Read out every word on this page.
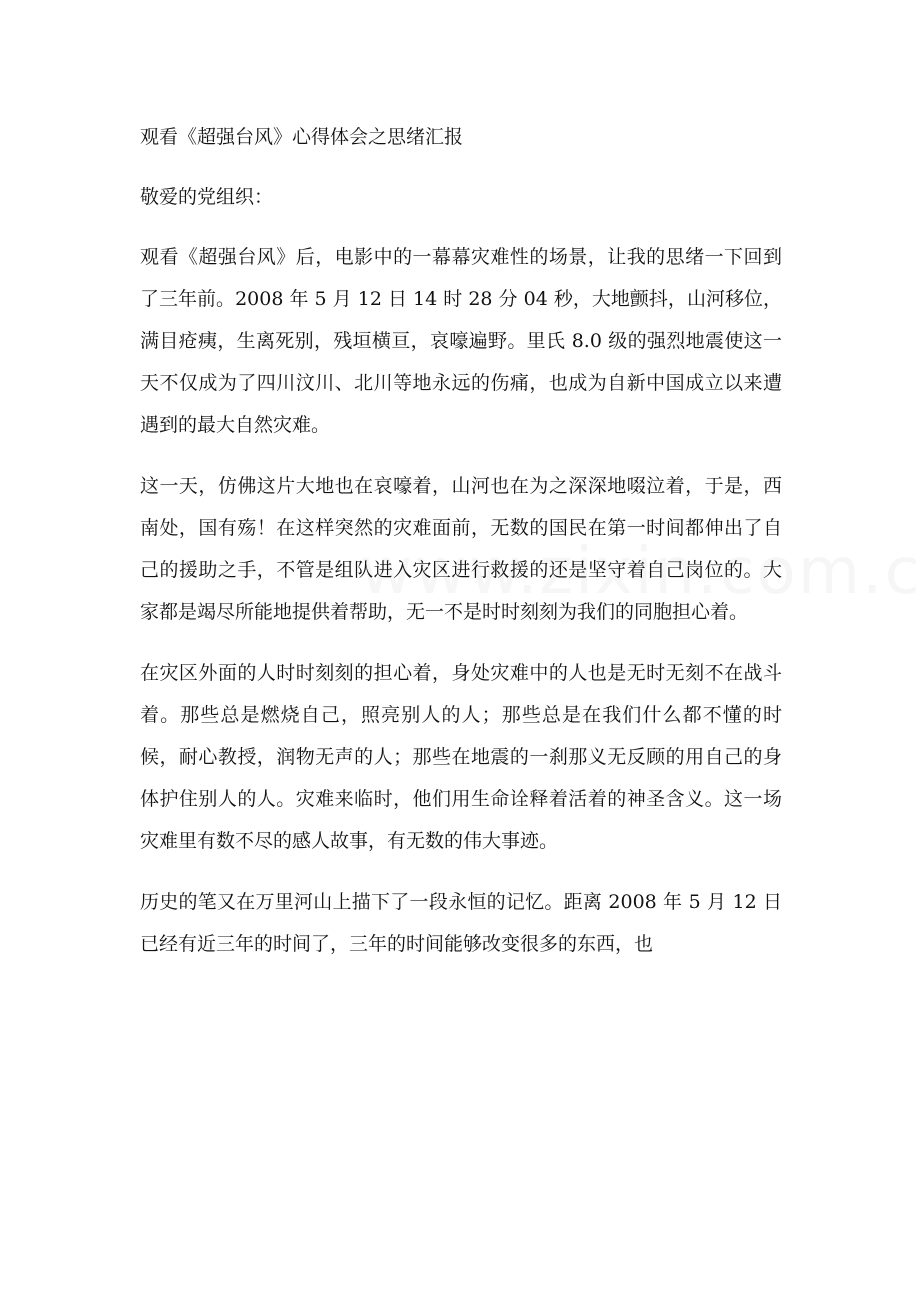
观看《超强台风》心得体会之思绪汇报
敬爱的党组织：
观看《超强台风》后，电影中的一幕幕灾难性的场景，让我的思绪一下回到了三年前。2008 年 5 月 12 日 14 时 28 分 04 秒，大地颤抖，山河移位，满目疮痍，生离死别，残垣横亘，哀嚎遍野。里氏 8.0 级的强烈地震使这一天不仅成为了四川汶川、北川等地永远的伤痛，也成为自新中国成立以来遭遇到的最大自然灾难。
这一天，仿佛这片大地也在哀嚎着，山河也在为之深深地啜泣着，于是，西南处，国有殇！在这样突然的灾难面前，无数的国民在第一时间都伸出了自己的援助之手，不管是组队进入灾区进行救援的还是坚守着自己岗位的。大家都是竭尽所能地提供着帮助，无一不是时时刻刻为我们的同胞担心着。
在灾区外面的人时时刻刻的担心着，身处灾难中的人也是无时无刻不在战斗着。那些总是燃烧自己，照亮别人的人；那些总是在我们什么都不懂的时候，耐心教授，润物无声的人；那些在地震的一刹那义无反顾的用自己的身体护住别人的人。灾难来临时，他们用生命诠释着活着的神圣含义。这一场灾难里有数不尽的感人故事，有无数的伟大事迹。
历史的笔又在万里河山上描下了一段永恒的记忆。距离 2008 年 5 月 12 日已经有近三年的时间了，三年的时间能够改变很多的东西，也
